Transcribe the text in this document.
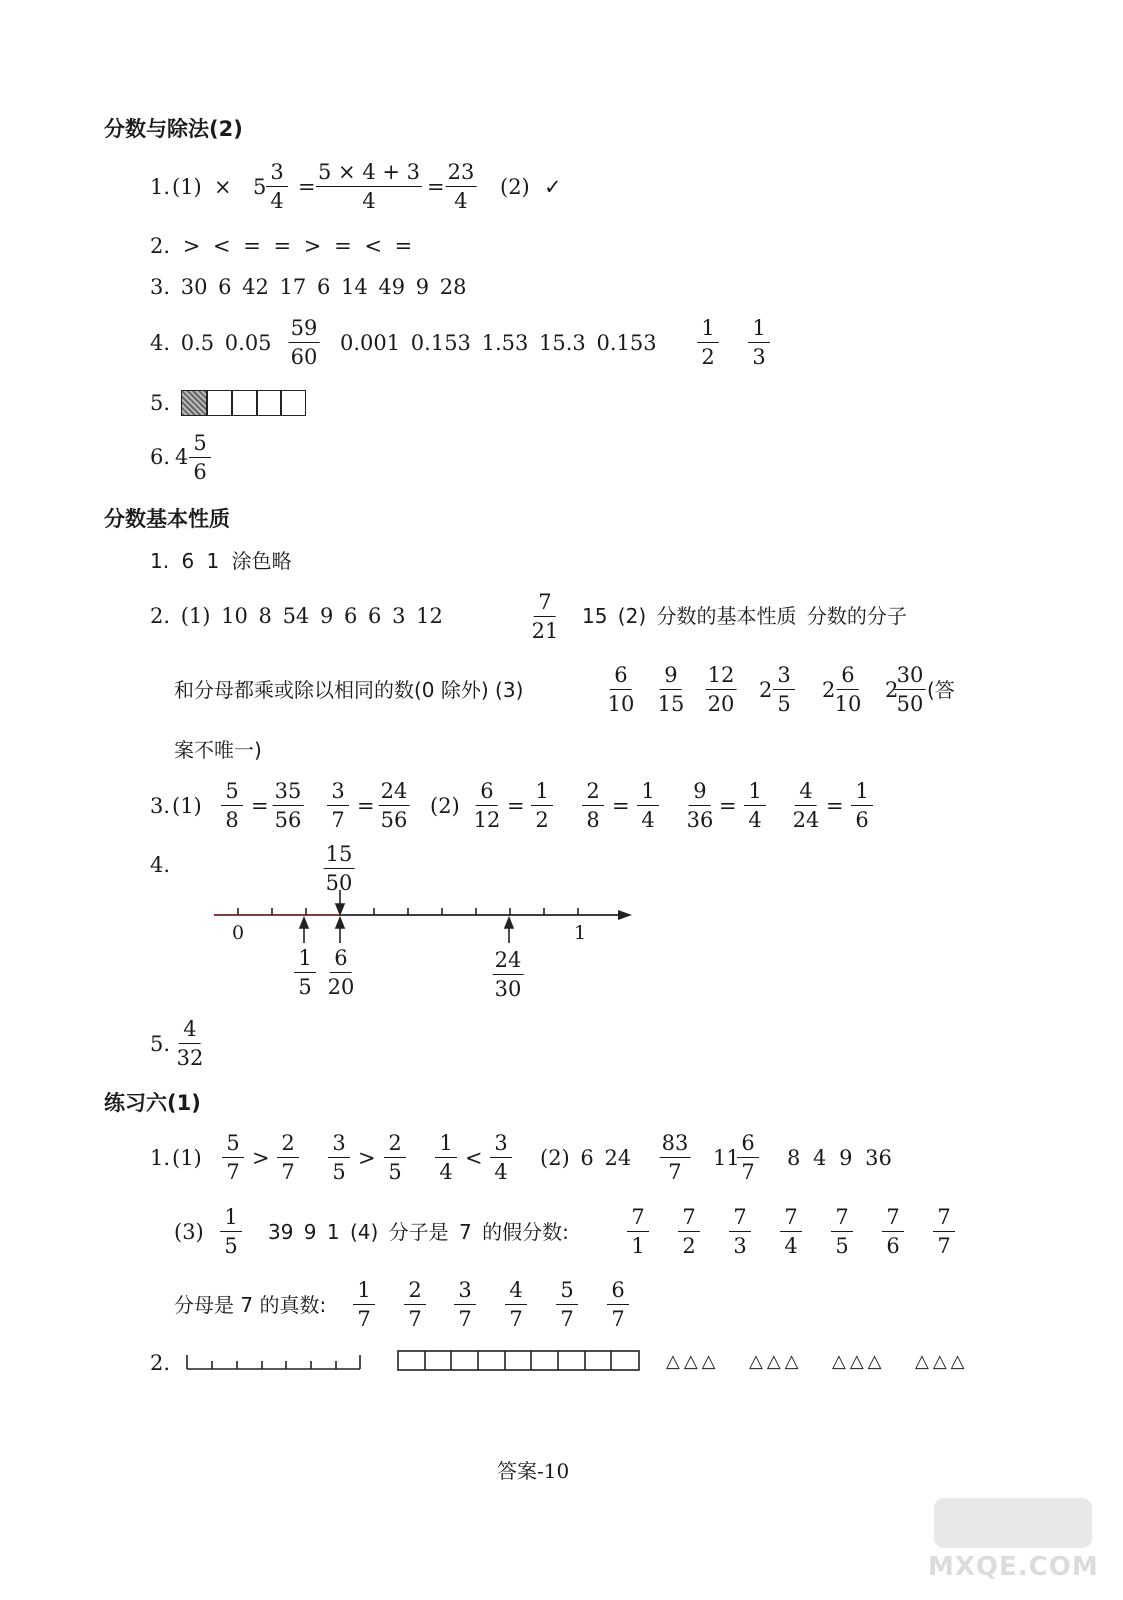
分数与除法(2)
1. $(1) \times 5 \frac{3}{4} = \frac{5 \times 4 + 3}{4} = \frac{23}{4} (2)$ ✓
2. > < = = > = < =
3. 30 6 42 17 6 14 49 9 28
4. 0.5 $0.05 \frac{59}{60} 0.001$ 0.153 1.53 15.3 $0.153 \frac{1}{2} \frac{1}{3}$
5.
6. $4 \frac{5}{6}$
分数基本性质
1. 6 1 涂色略
2. (1) 10 8 54 9 6 6 3 12	$\frac{7}{21} 15$ (2) 分数的基本性质 分数的分子
和分母都乘或除以相同的数(0 除外) (3)	$\frac{6}{10} \frac{9}{15} \frac{12}{20} 2 \frac{3}{5} 2 \frac{6}{10} 2$
$\frac{30}{50}$ (答
案不唯一)
3. $(1) \frac{5}{8} = \frac{35}{56} \frac{3}{7} = \frac{24}{56} (2) \frac{6}{12} = \frac{1}{2} \frac{2}{8} = \frac{1}{4} \frac{9}{36} = \frac{1}{4} \frac{4}{24} = \frac{1}{6}$
4.	$\frac{15}{50}$
0	1
$\frac{1}{5} \frac{6}{20}$	$\frac{24}{30}$
5. $\frac{4}{32}$
练习六(1)
1. $(1) \frac{5}{7} > \frac{2}{7} \frac{3}{5} > \frac{2}{5} \frac{1}{4} < \frac{3}{4} (2)$ 6 $24 \frac{83}{7} 11$
$\frac{6}{7} 8$ 4 9 36
$(3) \frac{1}{5} 39$ 9 1 (4) 分子是 7 的假分数:	$\frac{7}{1} \frac{7}{2} \frac{7}{3} \frac{7}{4} \frac{7}{5} \frac{7}{6} \frac{7}{7}$
分母是 7 的真数: $\frac{1}{7} \frac{2}{7} \frac{3}{7} \frac{4}{7} \frac{5}{7} \frac{6}{7}$
2.	△△△ △△△ △△△ △△△
答案-10
MXQE.COM
